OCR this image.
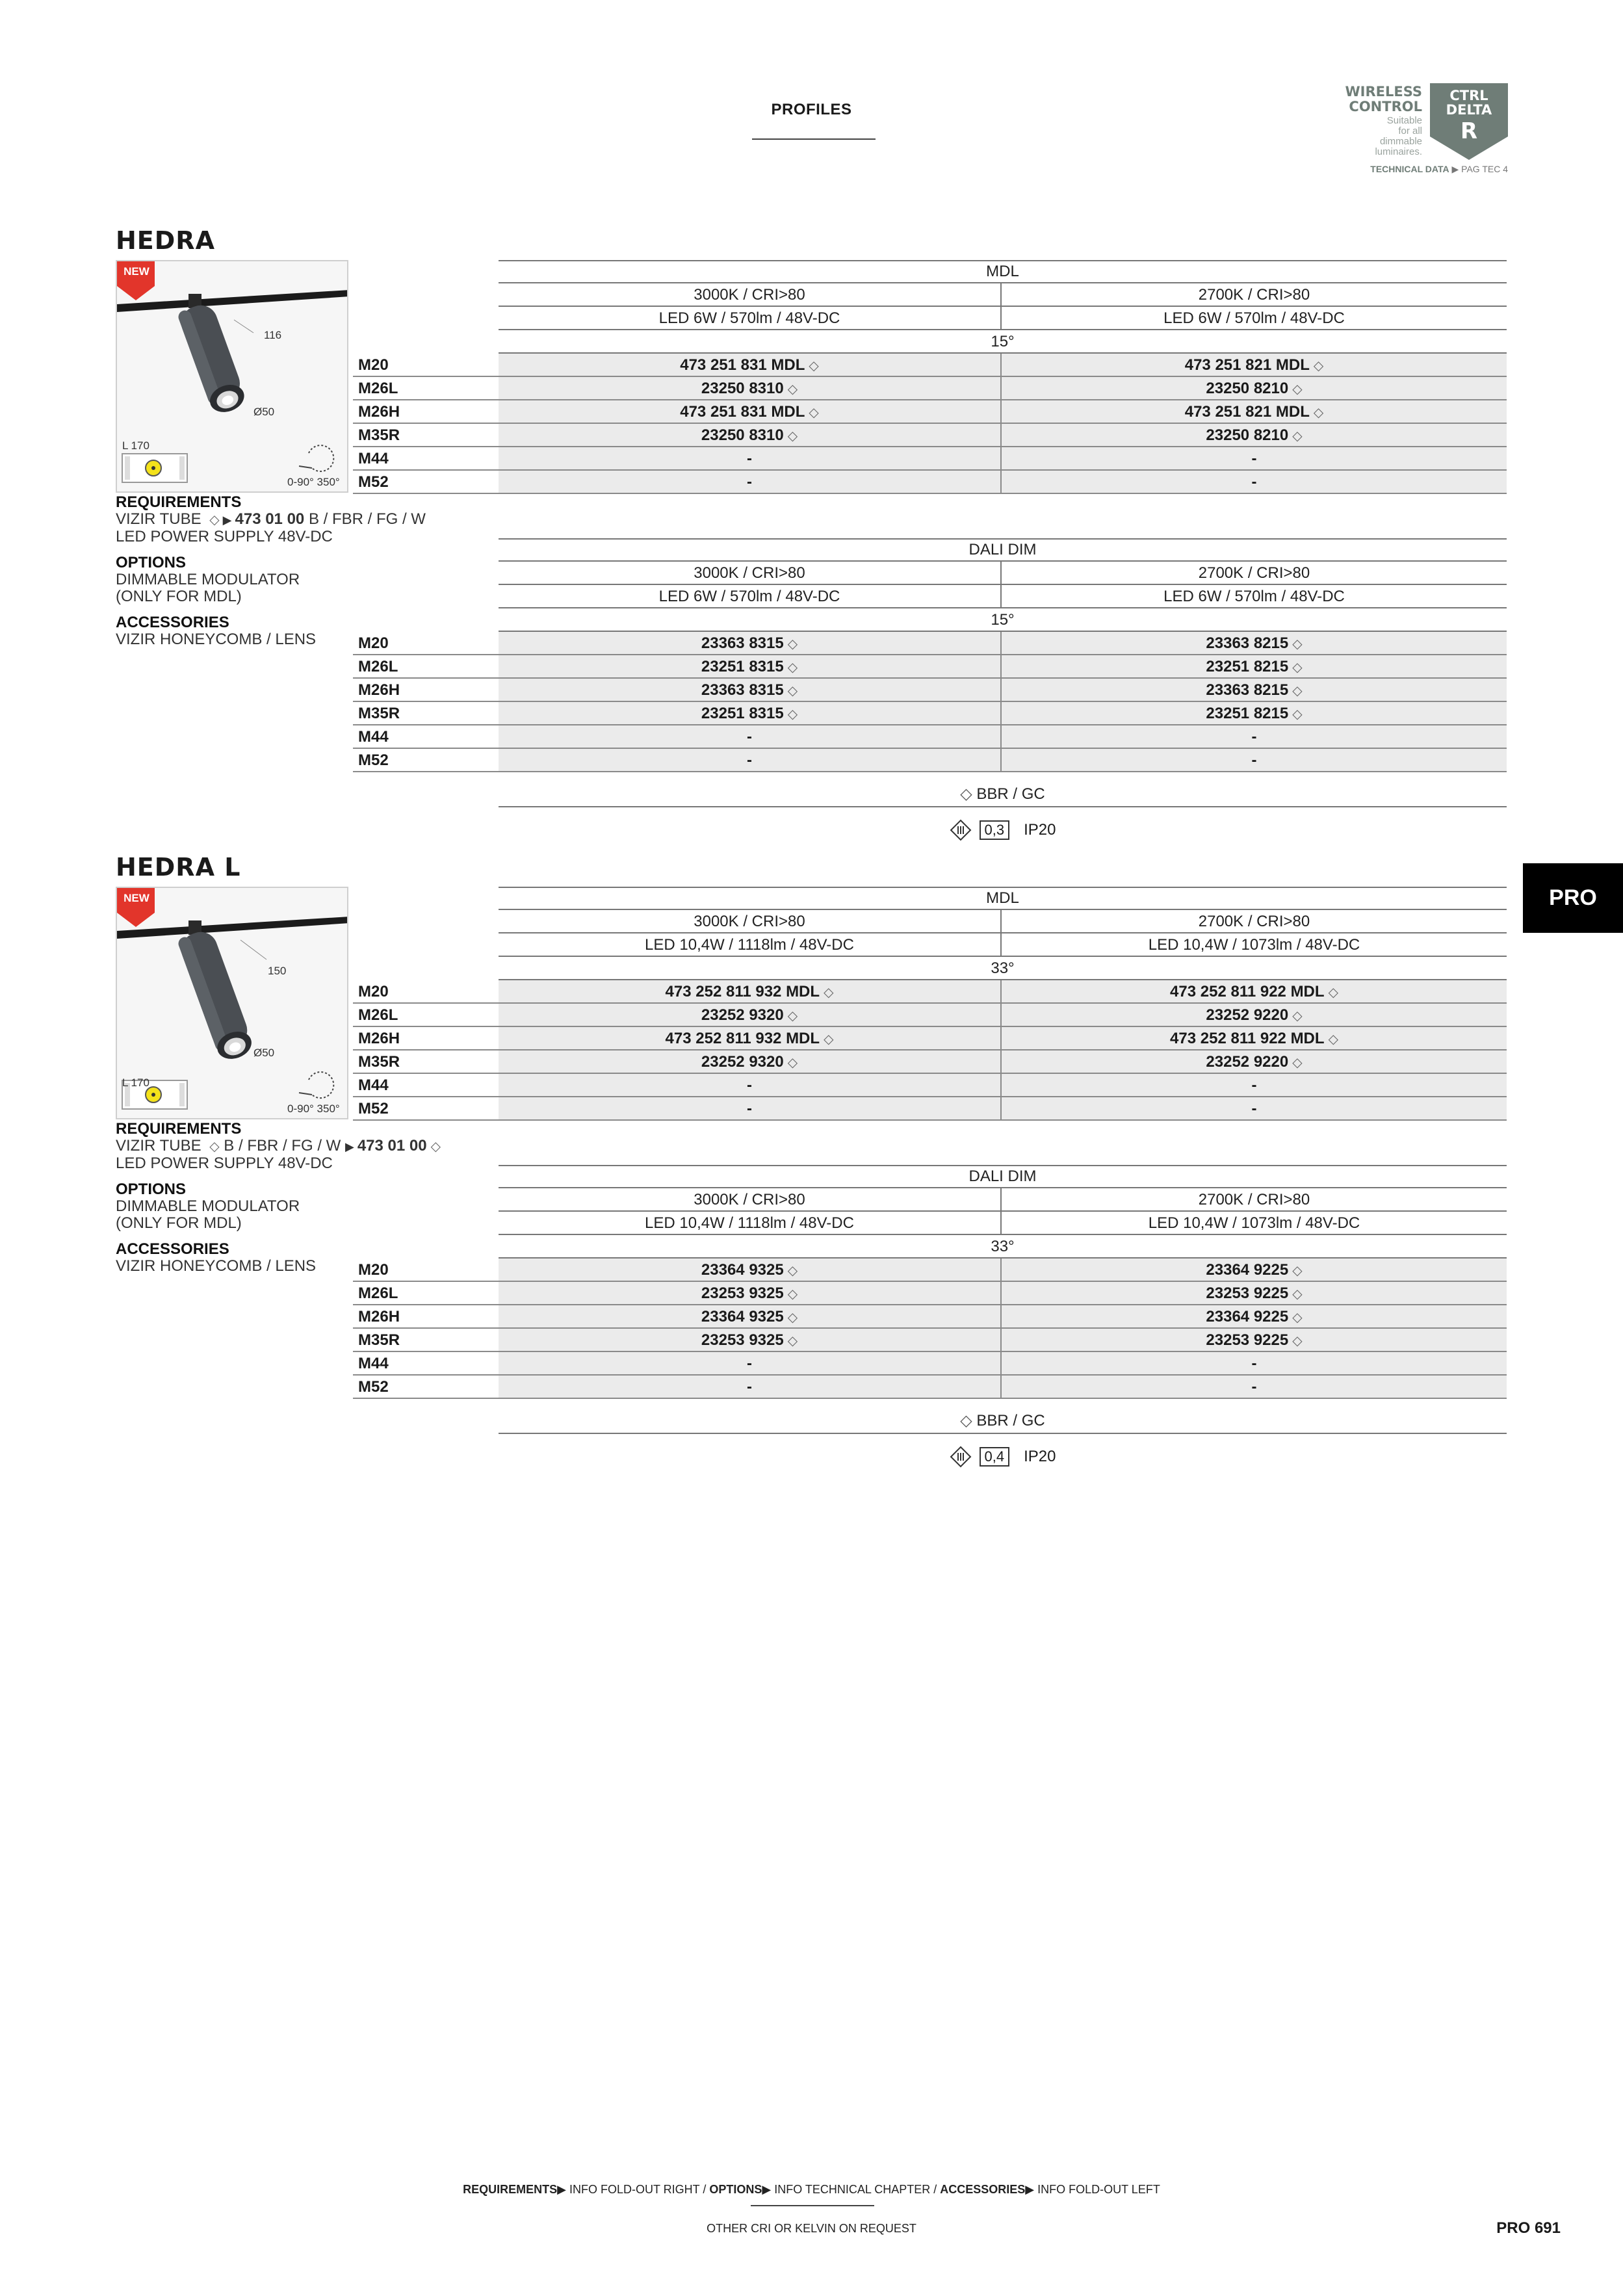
PROFILES
WIRELESS
CONTROL
Suitable
for all
dimmable
luminaires.
CTRL
DELTA
R
TECHNICAL DATA ▶ PAG TEC 4
PRO
HEDRA
NEW
116
Ø50
L 170
0-90° 350°
REQUIREMENTS
VIZIR TUBE ◇ ▶ 473 01 00 B / FBR / FG / W
LED POWER SUPPLY 48V-DC
OPTIONS
DIMMABLE MODULATOR
(ONLY FOR MDL)
ACCESSORIES
VIZIR HONEYCOMB / LENS
MDL
3000K / CRI>80	2700K / CRI>80
LED 6W / 570lm / 48V-DC	LED 6W / 570lm / 48V-DC
15°
M20	473 251 831 MDL ◇	473 251 821 MDL ◇
M26L	23250 8310 ◇	23250 8210 ◇
M26H	473 251 831 MDL ◇	473 251 821 MDL ◇
M35R	23250 8310 ◇	23250 8210 ◇
M44	-	-
M52	-	-
DALI DIM
3000K / CRI>80	2700K / CRI>80
LED 6W / 570lm / 48V-DC	LED 6W / 570lm / 48V-DC
15°
M20	23363 8315 ◇	23363 8215 ◇
M26L	23251 8315 ◇	23251 8215 ◇
M26H	23363 8315 ◇	23363 8215 ◇
M35R	23251 8315 ◇	23251 8215 ◇
M44	-	-
M52	-	-
◇ BBR / GC
0,3	IP20
HEDRA L
NEW
150
Ø50
L 170
0-90° 350°
REQUIREMENTS
VIZIR TUBE ◇ B / FBR / FG / W ▶ 473 01 00 ◇
LED POWER SUPPLY 48V-DC
OPTIONS
DIMMABLE MODULATOR
(ONLY FOR MDL)
ACCESSORIES
VIZIR HONEYCOMB / LENS
MDL
3000K / CRI>80	2700K / CRI>80
LED 10,4W / 1118lm / 48V-DC	LED 10,4W / 1073lm / 48V-DC
33°
M20	473 252 811 932 MDL ◇	473 252 811 922 MDL ◇
M26L	23252 9320 ◇	23252 9220 ◇
M26H	473 252 811 932 MDL ◇	473 252 811 922 MDL ◇
M35R	23252 9320 ◇	23252 9220 ◇
M44	-	-
M52	-	-
DALI DIM
3000K / CRI>80	2700K / CRI>80
LED 10,4W / 1118lm / 48V-DC	LED 10,4W / 1073lm / 48V-DC
33°
M20	23364 9325 ◇	23364 9225 ◇
M26L	23253 9325 ◇	23253 9225 ◇
M26H	23364 9325 ◇	23364 9225 ◇
M35R	23253 9325 ◇	23253 9225 ◇
M44	-	-
M52	-	-
◇ BBR / GC
0,4	IP20
REQUIREMENTS▶ INFO FOLD-OUT RIGHT / OPTIONS▶ INFO TECHNICAL CHAPTER / ACCESSORIES▶ INFO FOLD-OUT LEFT
OTHER CRI OR KELVIN ON REQUEST	PRO 691
